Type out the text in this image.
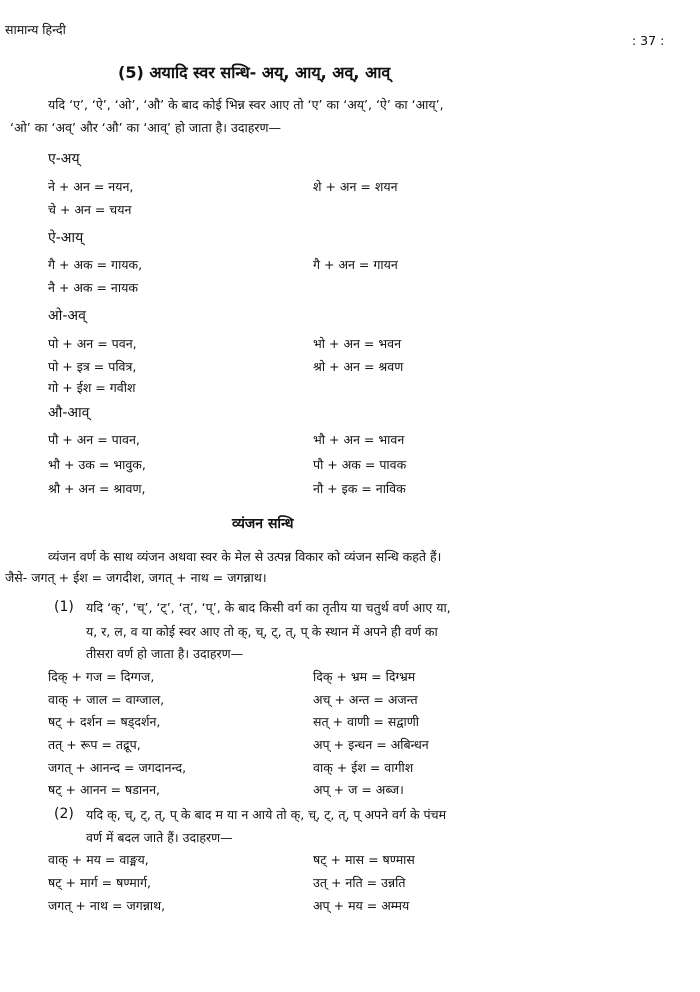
सामान्य हिन्दी
: 37 :
(5) अयादि स्वर सन्धि- अय्, आय्, अव्, आव्
यदि ‘ए’, ‘ऐ’, ‘ओ’, ‘औ’ के बाद कोई भिन्न स्वर आए तो ‘ए’ का ‘अय्’, ‘ऐ’ का ‘आय्’,
‘ओ’ का ‘अव्’ और ‘औ’ का ‘आव्’ हो जाता है। उदाहरण—
ए-अय्
ने + अन = नयन,	शे + अन = शयन
चे + अन = चयन
ऐ-आय्
गै + अक = गायक,	गै + अन = गायन
नै + अक = नायक
ओ-अव्
पो + अन = पवन,	भो + अन = भवन
पो + इत्र = पवित्र,	श्रो + अन = श्रवण
गो + ईश = गवीश
औ-आव्
पौ + अन = पावन,	भौ + अन = भावन
भौ + उक = भावुक,	पौ + अक = पावक
श्रौ + अन = श्रावण,	नौ + इक = नाविक
व्यंजन सन्धि
व्यंजन वर्ण के साथ व्यंजन अथवा स्वर के मेल से उत्पन्न विकार को व्यंजन सन्धि कहते हैं।
जैसे- जगत् + ईश = जगदीश, जगत् + नाथ = जगन्नाथ।
(1) यदि ‘क्’, ‘च्’, ‘ट्’, ‘त्’, ‘प्’, के बाद किसी वर्ग का तृतीय या चतुर्थ वर्ण आए या,
य, र, ल, व या कोई स्वर आए तो क्, च्, ट्, त्, प् के स्थान में अपने ही वर्ण का
तीसरा वर्ण हो जाता है। उदाहरण—
दिक् + गज = दिग्गज,	दिक् + भ्रम = दिग्भ्रम
वाक् + जाल = वाग्जाल,	अच् + अन्त = अजन्त
षट् + दर्शन = षड्दर्शन,	सत् + वाणी = सद्वाणी
तत् + रूप = तद्रूप,	अप् + इन्धन = अबिन्धन
जगत् + आनन्द = जगदानन्द,	वाक् + ईश = वागीश
षट् + आनन = षडानन,	अप् + ज = अब्ज।
(2) यदि क्, च्, ट्, त्, प् के बाद म या न आये तो क्, च्, ट्, त्, प् अपने वर्ग के पंचम
वर्ण में बदल जाते हैं। उदाहरण—
वाक् + मय = वाङ्मय,	षट् + मास = षण्मास
षट् + मार्ग = षण्मार्ग,	उत् + नति = उन्नति
जगत् + नाथ = जगन्नाथ,	अप् + मय = अम्मय
